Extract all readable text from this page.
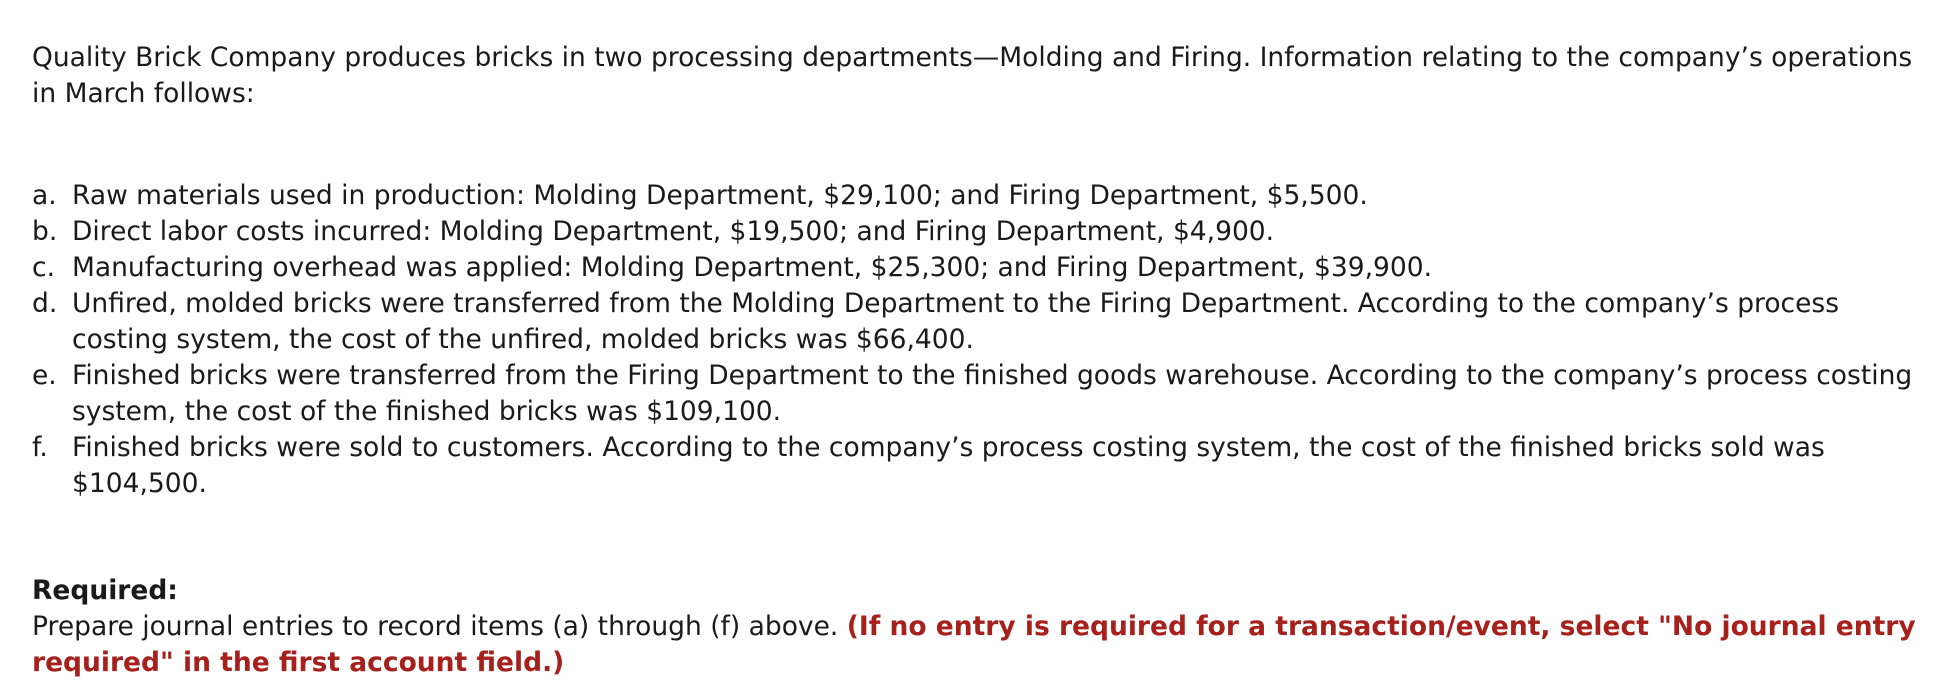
Quality Brick Company produces bricks in two processing departments—Molding and Firing. Information relating to the company’s operations in March follows:

a. Raw materials used in production: Molding Department, $29,100; and Firing Department, $5,500.
b. Direct labor costs incurred: Molding Department, $19,500; and Firing Department, $4,900.
c. Manufacturing overhead was applied: Molding Department, $25,300; and Firing Department, $39,900.
d. Unfired, molded bricks were transferred from the Molding Department to the Firing Department. According to the company’s process costing system, the cost of the unfired, molded bricks was $66,400.
e. Finished bricks were transferred from the Firing Department to the finished goods warehouse. According to the company’s process costing system, the cost of the finished bricks was $109,100.
f. Finished bricks were sold to customers. According to the company’s process costing system, the cost of the finished bricks sold was $104,500.
Required:
Prepare journal entries to record items (a) through (f) above. (If no entry is required for a transaction/event, select "No journal entry required" in the first account field.)
